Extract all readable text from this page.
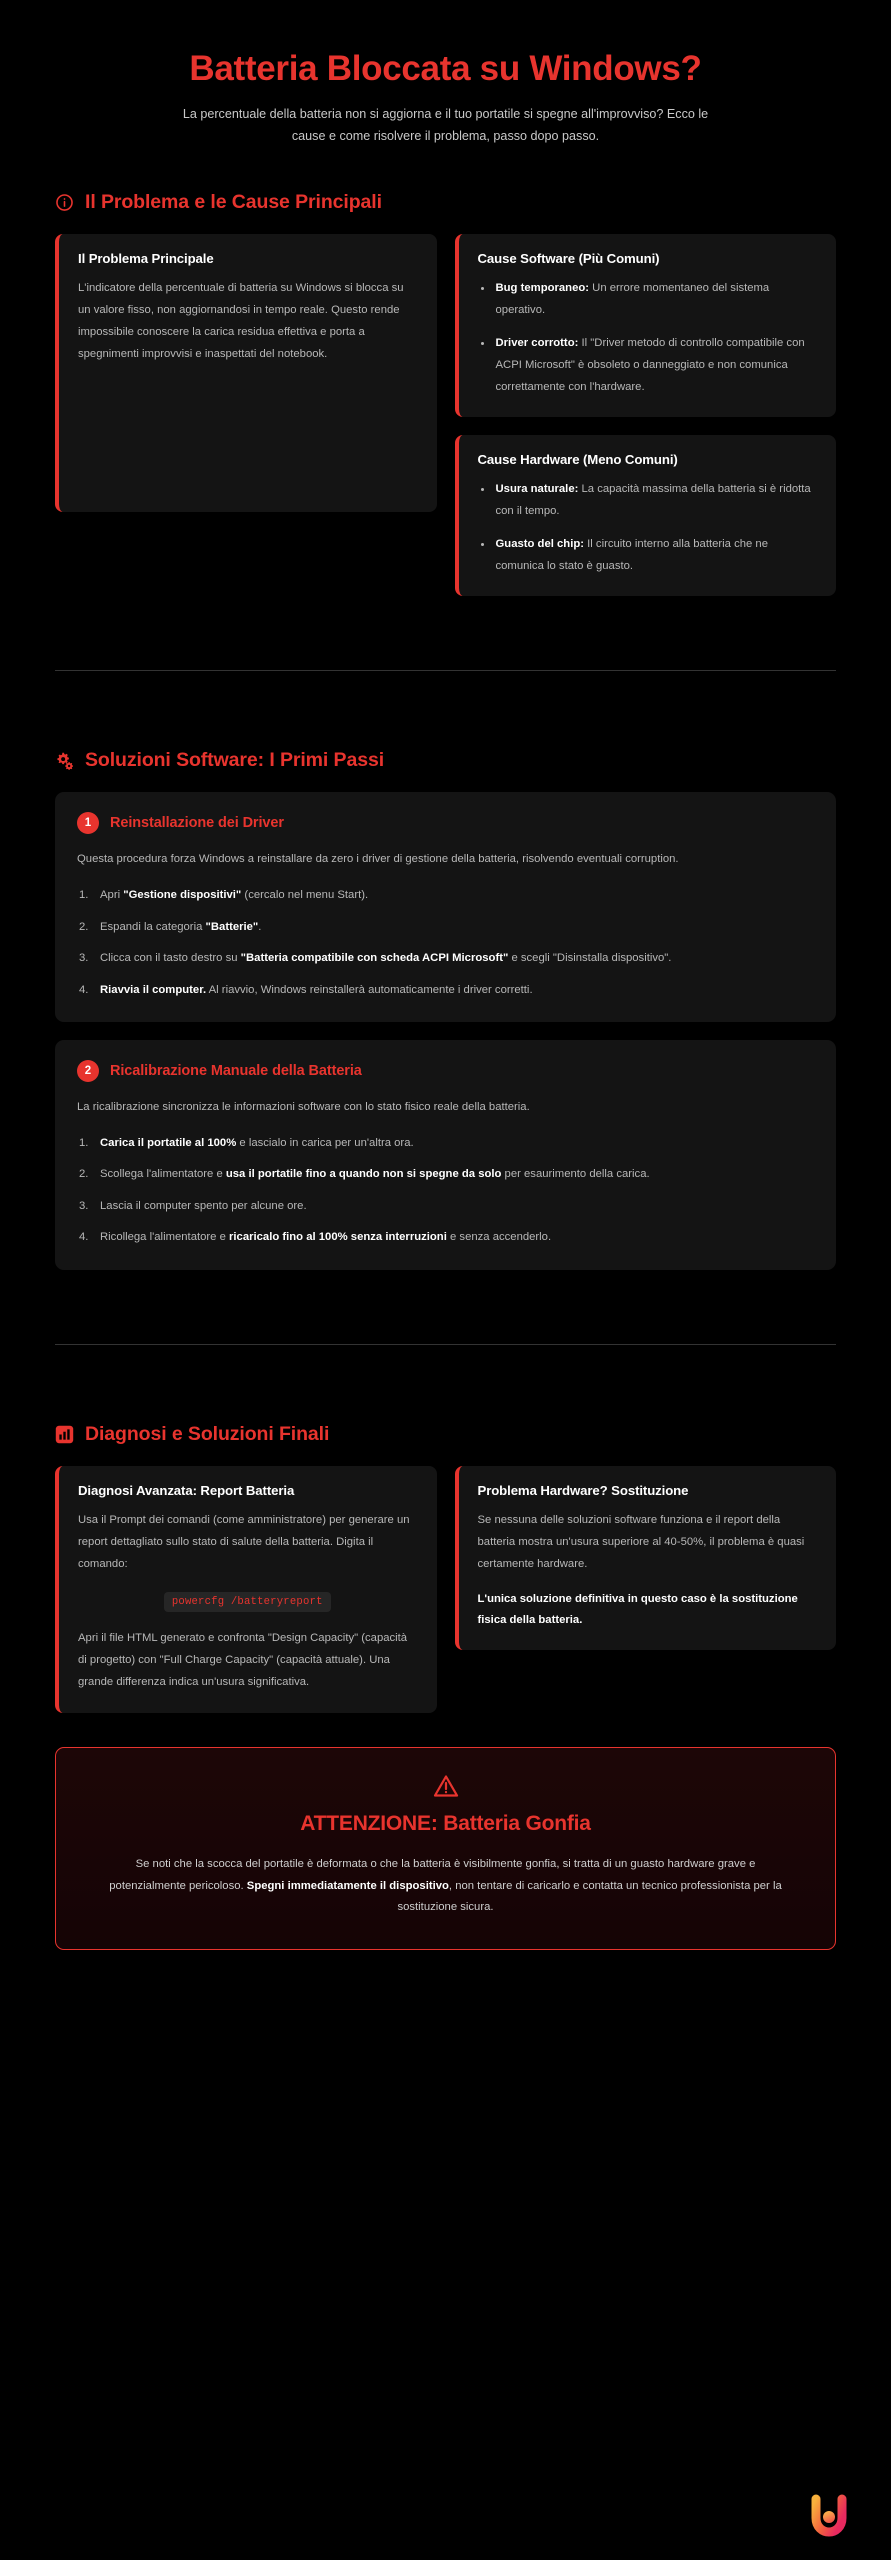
Batteria Bloccata su Windows?

La percentuale della batteria non si aggiorna e il tuo portatile si spegne all'improvviso? Ecco le cause e come risolvere il problema, passo dopo passo.

Il Problema e le Cause Principali
Il Problema Principale
L'indicatore della percentuale di batteria su Windows si blocca su un valore fisso, non aggiornandosi in tempo reale. Questo rende impossibile conoscere la carica residua effettiva e porta a spegnimenti improvvisi e inaspettati del notebook.
Cause Software (Più Comuni)
Bug temporaneo: Un errore momentaneo del sistema operativo.
Driver corrotto: Il "Driver metodo di controllo compatibile con ACPI Microsoft" è obsoleto o danneggiato e non comunica correttamente con l'hardware.
Cause Hardware (Meno Comuni)
Usura naturale: La capacità massima della batteria si è ridotta con il tempo.
Guasto del chip: Il circuito interno alla batteria che ne comunica lo stato è guasto.
Soluzioni Software: I Primi Passi
1	Reinstallazione dei Driver
Questa procedura forza Windows a reinstallare da zero i driver di gestione della batteria, risolvendo eventuali corruption.
Apri "Gestione dispositivi" (cercalo nel menu Start).
Espandi la categoria "Batterie".
Clicca con il tasto destro su "Batteria compatibile con scheda ACPI Microsoft" e scegli "Disinstalla dispositivo".
Riavvia il computer. Al riavvio, Windows reinstallerà automaticamente i driver corretti.
2	Ricalibrazione Manuale della Batteria
La ricalibrazione sincronizza le informazioni software con lo stato fisico reale della batteria.
Carica il portatile al 100% e lascialo in carica per un'altra ora.
Scollega l'alimentatore e usa il portatile fino a quando non si spegne da solo per esaurimento della carica.
Lascia il computer spento per alcune ore.
Ricollega l'alimentatore e ricaricalo fino al 100% senza interruzioni e senza accenderlo.
Diagnosi e Soluzioni Finali
Diagnosi Avanzata: Report Batteria
Usa il Prompt dei comandi (come amministratore) per generare un report dettagliato sullo stato di salute della batteria. Digita il comando:
powercfg /batteryreport
Apri il file HTML generato e confronta "Design Capacity" (capacità di progetto) con "Full Charge Capacity" (capacità attuale). Una grande differenza indica un'usura significativa.
Problema Hardware? Sostituzione
Se nessuna delle soluzioni software funziona e il report della batteria mostra un'usura superiore al 40-50%, il problema è quasi certamente hardware.
L'unica soluzione definitiva in questo caso è la sostituzione fisica della batteria.
ATTENZIONE: Batteria Gonfia
Se noti che la scocca del portatile è deformata o che la batteria è visibilmente gonfia, si tratta di un guasto hardware grave e potenzialmente pericoloso. Spegni immediatamente il dispositivo, non tentare di caricarlo e contatta un tecnico professionista per la sostituzione sicura.
